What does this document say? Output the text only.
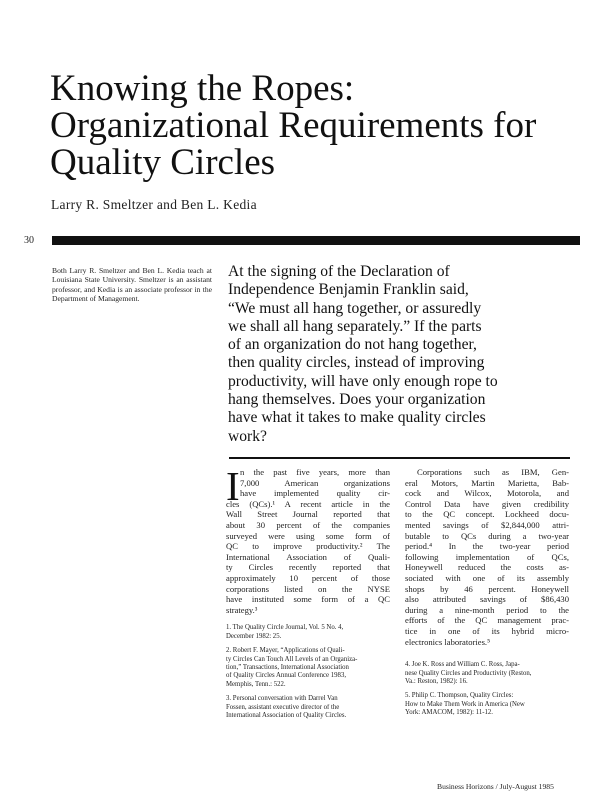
Knowing the Ropes:
Organizational Requirements for
Quality Circles
Larry R. Smeltzer and Ben L. Kedia
30
Both Larry R. Smeltzer and Ben L. Kedia teach at Louisiana State University. Smeltzer is an assistant professor, and Kedia is an associate professor in the Department of Management.
At the signing of the Declaration of
Independence Benjamin Franklin said,
“We must all hang together, or assuredly
we shall all hang separately.” If the parts
of an organization do not hang together,
then quality circles, instead of improving
productivity, will have only enough rope to
hang themselves. Does your organization
have what it takes to make quality circles
work?
I n the past five years, more than
7,000 American organizations
have implemented quality cir-
cles (QCs).¹ A recent article in the
Wall Street Journal reported that
about 30 percent of the companies
surveyed were using some form of
QC to improve productivity.² The
International Association of Quali-
ty Circles recently reported that
approximately 10 percent of those
corporations listed on the NYSE
have instituted some form of a QC
strategy.³
1. The Quality Circle Journal, Vol. 5 No. 4,
December 1982: 25.
2. Robert F. Mayer, “Applications of Quali-
ty Circles Can Touch All Levels of an Organiza-
tion,” Transactions, International Association
of Quality Circles Annual Conference 1983,
Memphis, Tenn.: 522.
3. Personal conversation with Darrel Van
Fossen, assistant executive director of the
International Association of Quality Circles.
Corporations such as IBM, Gen-
eral Motors, Martin Marietta, Bab-
cock and Wilcox, Motorola, and
Control Data have given credibility
to the QC concept. Lockheed docu-
mented savings of $2,844,000 attri-
butable to QCs during a two-year
period.⁴ In the two-year period
following implementation of QCs,
Honeywell reduced the costs as-
sociated with one of its assembly
shops by 46 percent. Honeywell
also attributed savings of $86,430
during a nine-month period to the
efforts of the QC management prac-
tice in one of its hybrid micro-
electronics laboratories.⁵
4. Joe K. Ross and William C. Ross, Japa-
nese Quality Circles and Productivity (Reston,
Va.: Reston, 1982): 16.
5. Philip C. Thompson, Quality Circles:
How to Make Them Work in America (New
York: AMACOM, 1982): 11-12.
Business Horizons / July-August 1985
